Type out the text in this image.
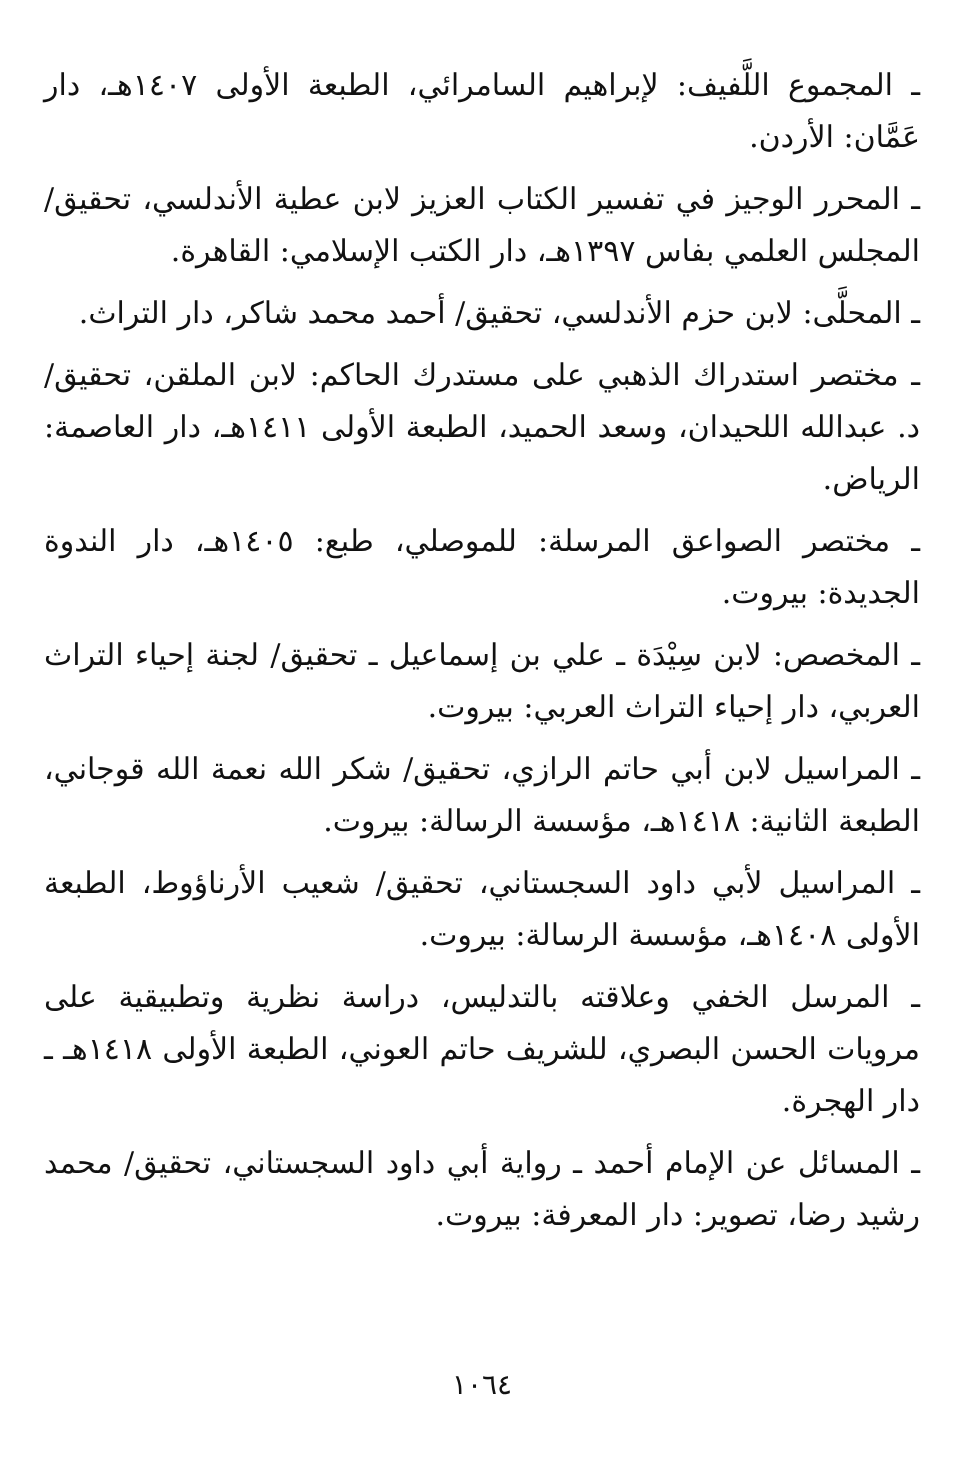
ـ المجموع اللَّفيف: لإبراهيم السامرائي، الطبعة الأولى ١٤٠٧هـ، دار عَمَّان: الأردن.

ـ المحرر الوجيز في تفسير الكتاب العزيز لابن عطية الأندلسي، تحقيق/ المجلس العلمي بفاس ١٣٩٧هـ، دار الكتب الإسلامي: القاهرة.

ـ المحلَّى: لابن حزم الأندلسي، تحقيق/ أحمد محمد شاكر، دار التراث.

ـ مختصر استدراك الذهبي على مستدرك الحاكم: لابن الملقن، تحقيق/ د. عبدالله اللحيدان، وسعد الحميد، الطبعة الأولى ١٤١١هـ، دار العاصمة: الرياض.

ـ مختصر الصواعق المرسلة: للموصلي، طبع: ١٤٠٥هـ، دار الندوة الجديدة: بيروت.

ـ المخصص: لابن سِيْدَة ـ علي بن إسماعيل ـ تحقيق/ لجنة إحياء التراث العربي، دار إحياء التراث العربي: بيروت.

ـ المراسيل لابن أبي حاتم الرازي، تحقيق/ شكر الله نعمة الله قوجاني، الطبعة الثانية: ١٤١٨هـ، مؤسسة الرسالة: بيروت.

ـ المراسيل لأبي داود السجستاني، تحقيق/ شعيب الأرناؤوط، الطبعة الأولى ١٤٠٨هـ، مؤسسة الرسالة: بيروت.

ـ المرسل الخفي وعلاقته بالتدليس، دراسة نظرية وتطبيقية على مرويات الحسن البصري، للشريف حاتم العوني، الطبعة الأولى ١٤١٨هـ ـ دار الهجرة.

ـ المسائل عن الإمام أحمد ـ رواية أبي داود السجستاني، تحقيق/ محمد رشيد رضا، تصوير: دار المعرفة: بيروت.

١٠٦٤
